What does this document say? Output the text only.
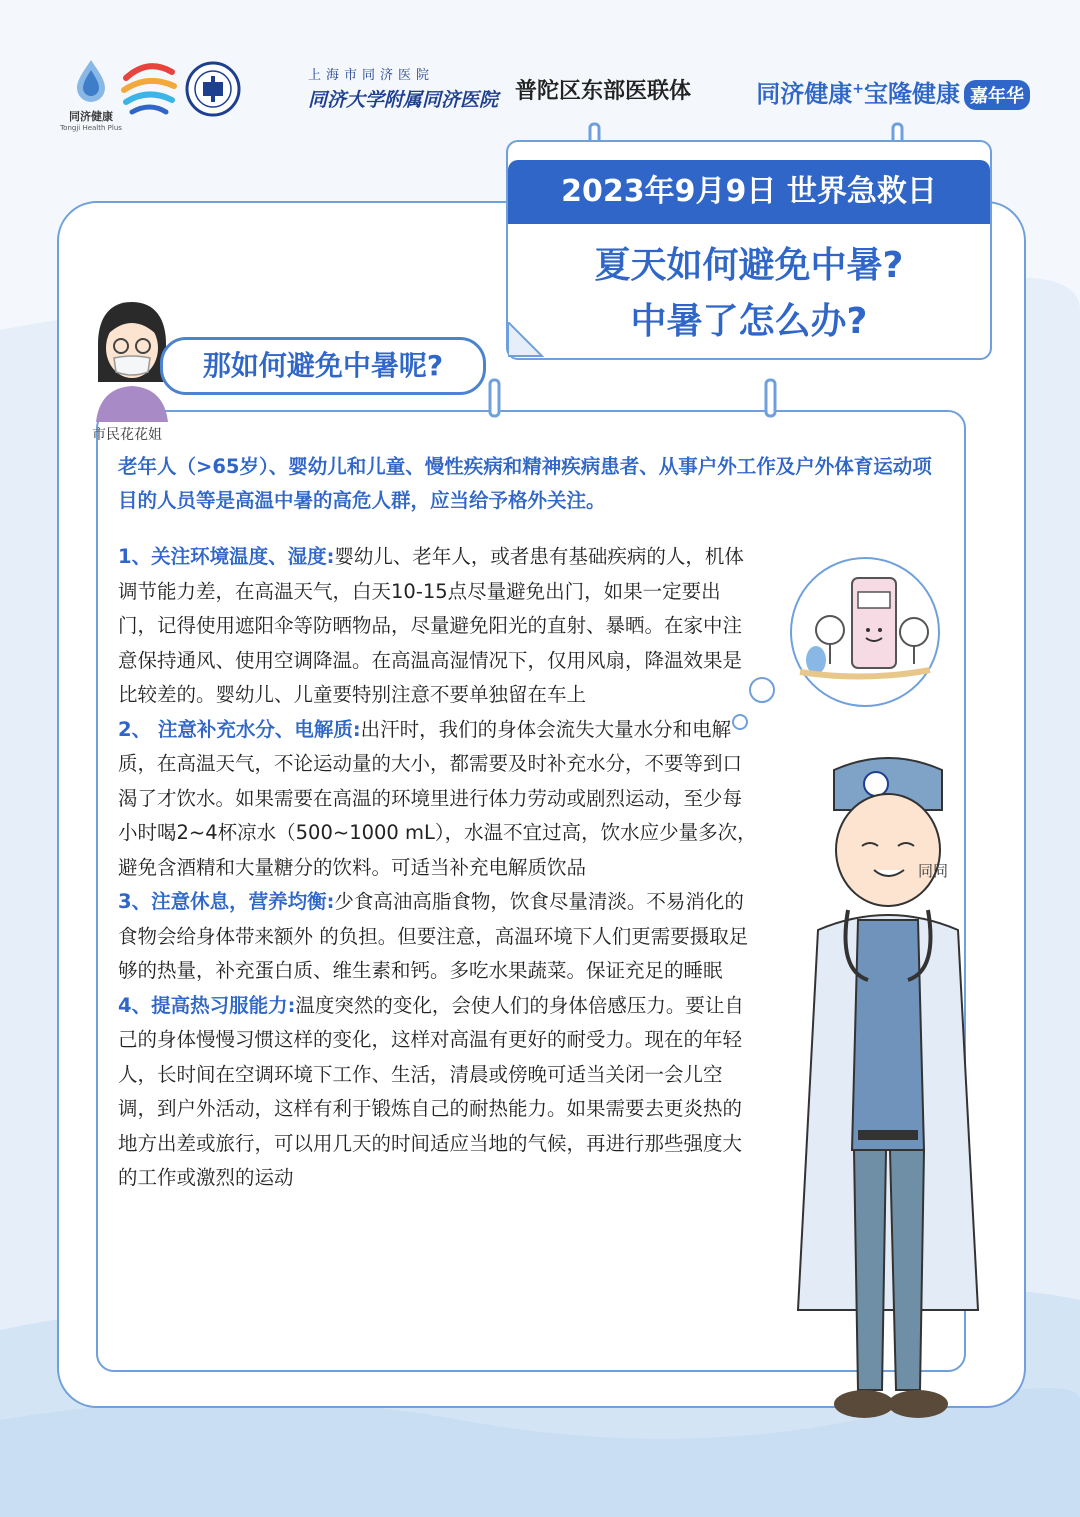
同济健康
Tongji Health Plus
上海市同济医院
同济大学附属同济医院 普陀区东部医联体	同济健康+宝隆健康 嘉年华
2023年9月9日 世界急救日
夏天如何避免中暑?
中暑了怎么办?
那如何避免中暑呢?
市民花花姐
同同

老年人（>65岁）、婴幼儿和儿童、慢性疾病和精神疾病患者、从事户外工作及户外体育运动项目的人员等是高温中暑的高危人群，应当给予格外关注。

1、关注环境温度、湿度:婴幼儿、老年人，或者患有基础疾病的人，机体调节能力差，在高温天气，白天10-15点尽量避免出门，如果一定要出门，记得使用遮阳伞等防晒物品，尽量避免阳光的直射、暴晒。在家中注意保持通风、使用空调降温。在高温高湿情况下，仅用风扇，降温效果是比较差的。婴幼儿、儿童要特别注意不要单独留在车上

2、 注意补充水分、电解质:出汗时，我们的身体会流失大量水分和电解质，在高温天气，不论运动量的大小，都需要及时补充水分，不要等到口渴了才饮水。如果需要在高温的环境里进行体力劳动或剧烈运动，至少每小时喝2~4杯凉水（500~1000 mL），水温不宜过高，饮水应少量多次，避免含酒精和大量糖分的饮料。可适当补充电解质饮品

3、注意休息，营养均衡:少食高油高脂食物，饮食尽量清淡。不易消化的食物会给身体带来额外 的负担。但要注意，高温环境下人们更需要摄取足够的热量，补充蛋白质、维生素和钙。多吃水果蔬菜。保证充足的睡眠

4、提高热习服能力:温度突然的变化，会使人们的身体倍感压力。要让自己的身体慢慢习惯这样的变化，这样对高温有更好的耐受力。现在的年轻人，长时间在空调环境下工作、生活，清晨或傍晚可适当关闭一会儿空调，到户外活动，这样有利于锻炼自己的耐热能力。如果需要去更炎热的地方出差或旅行，可以用几天的时间适应当地的气候，再进行那些强度大的工作或激烈的运动
